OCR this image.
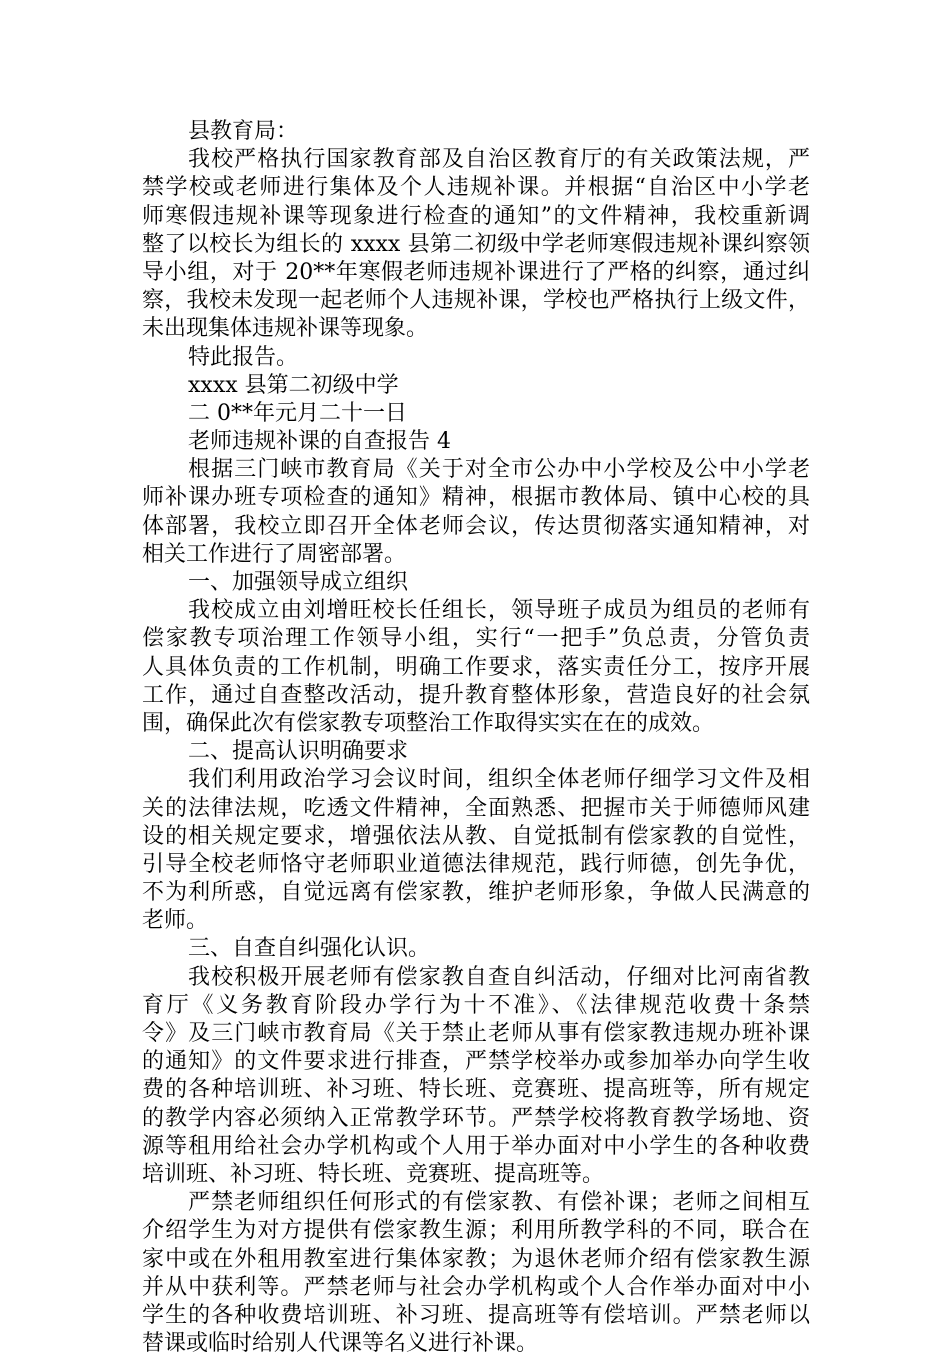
县教育局：
我校严格执行国家教育部及自治区教育厅的有关政策法规，严
禁学校或老师进行集体及个人违规补课。并根据“自治区中小学老
师寒假违规补课等现象进行检查的通知”的文件精神，我校重新调
整了以校长为组长的 xxxx 县第二初级中学老师寒假违规补课纠察领
导小组，对于 20**年寒假老师违规补课进行了严格的纠察，通过纠
察，我校未发现一起老师个人违规补课，学校也严格执行上级文件，
未出现集体违规补课等现象。
特此报告。
xxxx 县第二初级中学
二 0**年元月二十一日
老师违规补课的自查报告 4
根据三门峡市教育局《关于对全市公办中小学校及公中小学老
师补课办班专项检查的通知》精神，根据市教体局、镇中心校的具
体部署，我校立即召开全体老师会议，传达贯彻落实通知精神，对
相关工作进行了周密部署。
一、加强领导成立组织
我校成立由刘增旺校长任组长，领导班子成员为组员的老师有
偿家教专项治理工作领导小组，实行“一把手”负总责，分管负责
人具体负责的工作机制，明确工作要求，落实责任分工，按序开展
工作，通过自查整改活动，提升教育整体形象，营造良好的社会氛
围，确保此次有偿家教专项整治工作取得实实在在的成效。
二、提高认识明确要求
我们利用政治学习会议时间，组织全体老师仔细学习文件及相
关的法律法规，吃透文件精神，全面熟悉、把握市关于师德师风建
设的相关规定要求，增强依法从教、自觉抵制有偿家教的自觉性，
引导全校老师恪守老师职业道德法律规范，践行师德，创先争优，
不为利所惑，自觉远离有偿家教，维护老师形象，争做人民满意的
老师。
三、自查自纠强化认识。
我校积极开展老师有偿家教自查自纠活动，仔细对比河南省教
育厅《义务教育阶段办学行为十不准》、《法律规范收费十条禁
令》及三门峡市教育局《关于禁止老师从事有偿家教违规办班补课
的通知》的文件要求进行排查，严禁学校举办或参加举办向学生收
费的各种培训班、补习班、特长班、竞赛班、提高班等，所有规定
的教学内容必须纳入正常教学环节。严禁学校将教育教学场地、资
源等租用给社会办学机构或个人用于举办面对中小学生的各种收费
培训班、补习班、特长班、竞赛班、提高班等。
严禁老师组织任何形式的有偿家教、有偿补课；老师之间相互
介绍学生为对方提供有偿家教生源；利用所教学科的不同，联合在
家中或在外租用教室进行集体家教；为退休老师介绍有偿家教生源
并从中获利等。严禁老师与社会办学机构或个人合作举办面对中小
学生的各种收费培训班、补习班、提高班等有偿培训。严禁老师以
替课或临时给别人代课等名义进行补课。
